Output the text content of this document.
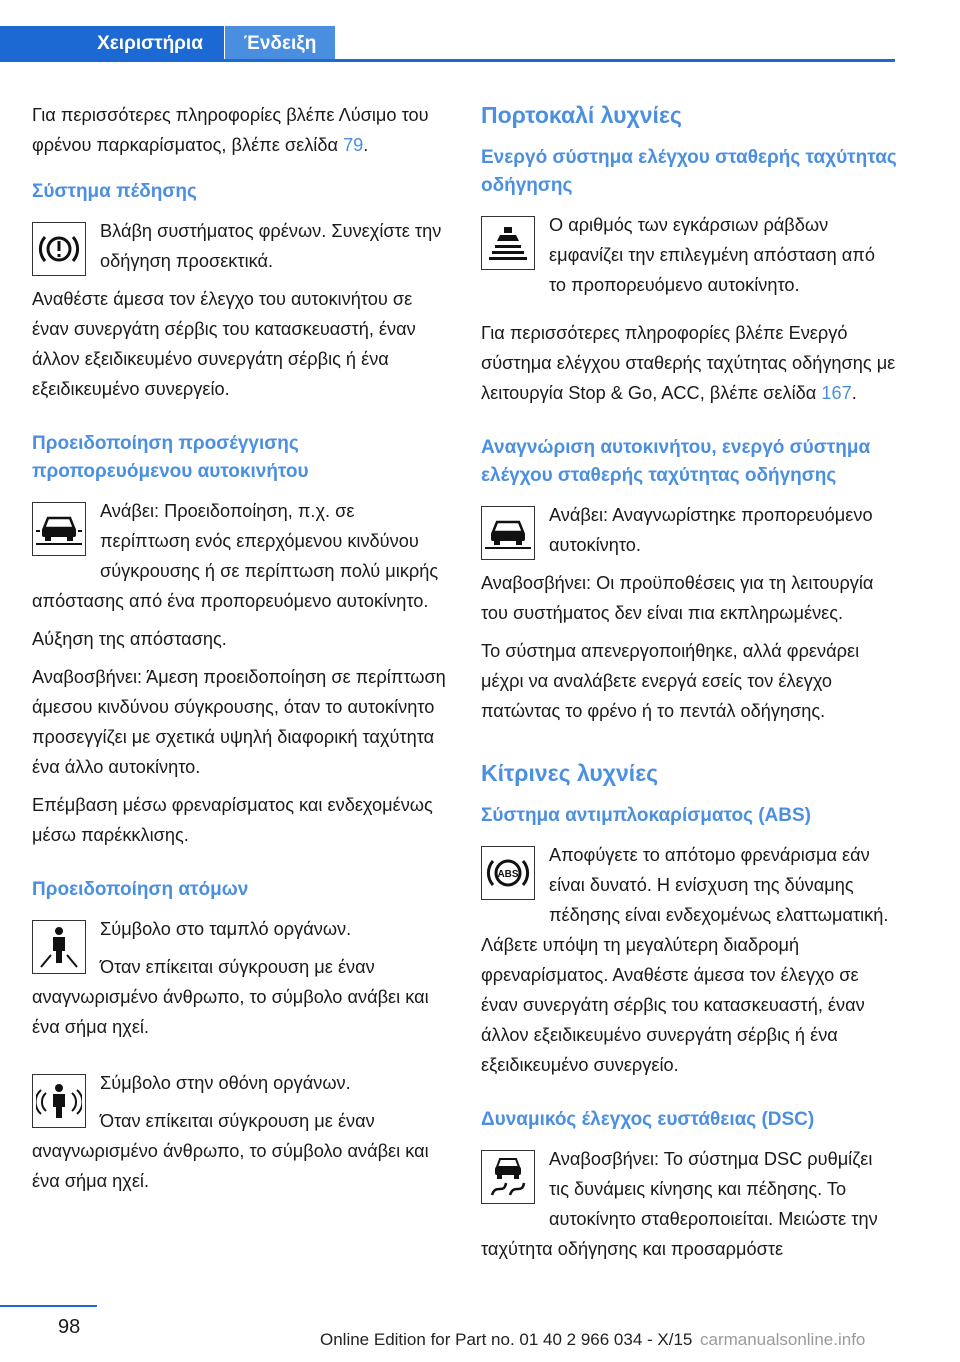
Χειριστήρια	Ένδειξη

Για περισσότερες πληροφορίες βλέπε Λύσιμο του φρένου παρκαρίσματος, βλέπε σελίδα 79.

Σύστημα πέδησης

Βλάβη συστήματος φρένων. Συνεχίστε την οδήγηση προσεκτικά.

Αναθέστε άμεσα τον έλεγχο του αυτοκινήτου σε έναν συνεργάτη σέρβις του κατασκευαστή, έναν άλλον εξειδικευμένο συνεργάτη σέρβις ή ένα εξειδικευμένο συνεργείο.

Προειδοποίηση προσέγγισης προπορευόμενου αυτοκινήτου

Ανάβει: Προειδοποίηση, π.χ. σε περίπτωση ενός επερχόμενου κινδύνου σύγκρουσης ή σε περίπτωση πολύ μικρής απόστασης από ένα προπορευόμενο αυτοκίνητο.

Αύξηση της απόστασης.

Αναβοσβήνει: Άμεση προειδοποίηση σε περίπτωση άμεσου κινδύνου σύγκρουσης, όταν το αυτοκίνητο προσεγγίζει με σχετικά υψηλή διαφορική ταχύτητα ένα άλλο αυτοκίνητο.

Επέμβαση μέσω φρεναρίσματος και ενδεχομένως μέσω παρέκκλισης.

Προειδοποίηση ατόμων

Σύμβολο στο ταμπλό οργάνων.

Όταν επίκειται σύγκρουση με έναν αναγνωρισμένο άνθρωπο, το σύμβολο ανάβει και ένα σήμα ηχεί.

Σύμβολο στην οθόνη οργάνων.

Όταν επίκειται σύγκρουση με έναν αναγνωρισμένο άνθρωπο, το σύμβολο ανάβει και ένα σήμα ηχεί.

Πορτοκαλί λυχνίες
Ενεργό σύστημα ελέγχου σταθερής ταχύτητας οδήγησης

Ο αριθμός των εγκάρσιων ράβδων εμφανίζει την επιλεγμένη απόσταση από το προπορευόμενο αυτοκίνητο.

Για περισσότερες πληροφορίες βλέπε Ενεργό σύστημα ελέγχου σταθερής ταχύτητας οδήγησης με λειτουργία Stop & Go, ACC, βλέπε σελίδα 167.

Αναγνώριση αυτοκινήτου, ενεργό σύστημα ελέγχου σταθερής ταχύτητας οδήγησης

Ανάβει: Αναγνωρίστηκε προπορευόμενο αυτοκίνητο.

Αναβοσβήνει: Οι προϋποθέσεις για τη λειτουργία του συστήματος δεν είναι πια εκπληρωμένες.

Το σύστημα απενεργοποιήθηκε, αλλά φρενάρει μέχρι να αναλάβετε ενεργά εσείς τον έλεγχο πατώντας το φρένο ή το πεντάλ οδήγησης.

Κίτρινες λυχνίες
Σύστημα αντιμπλοκαρίσματος (ABS)
ABS

Αποφύγετε το απότομο φρενάρισμα εάν είναι δυνατό. Η ενίσχυση της δύναμης πέδησης είναι ενδεχομένως ελαττωματική. Λάβετε υπόψη τη μεγαλύτερη διαδρομή φρεναρίσματος. Αναθέστε άμεσα τον έλεγχο σε έναν συνεργάτη σέρβις του κατασκευαστή, έναν άλλον εξειδικευμένο συνεργάτη σέρβις ή ένα εξειδικευμένο συνεργείο.

Δυναμικός έλεγχος ευστάθειας (DSC)

Αναβοσβήνει: Το σύστημα DSC ρυθμίζει τις δυνάμεις κίνησης και πέδησης. Το αυτοκίνητο σταθεροποιείται. Μειώστε την ταχύτητα οδήγησης και προσαρμόστε

98
Online Edition for Part no. 01 40 2 966 034 - X/15 carmanualsonline.info
